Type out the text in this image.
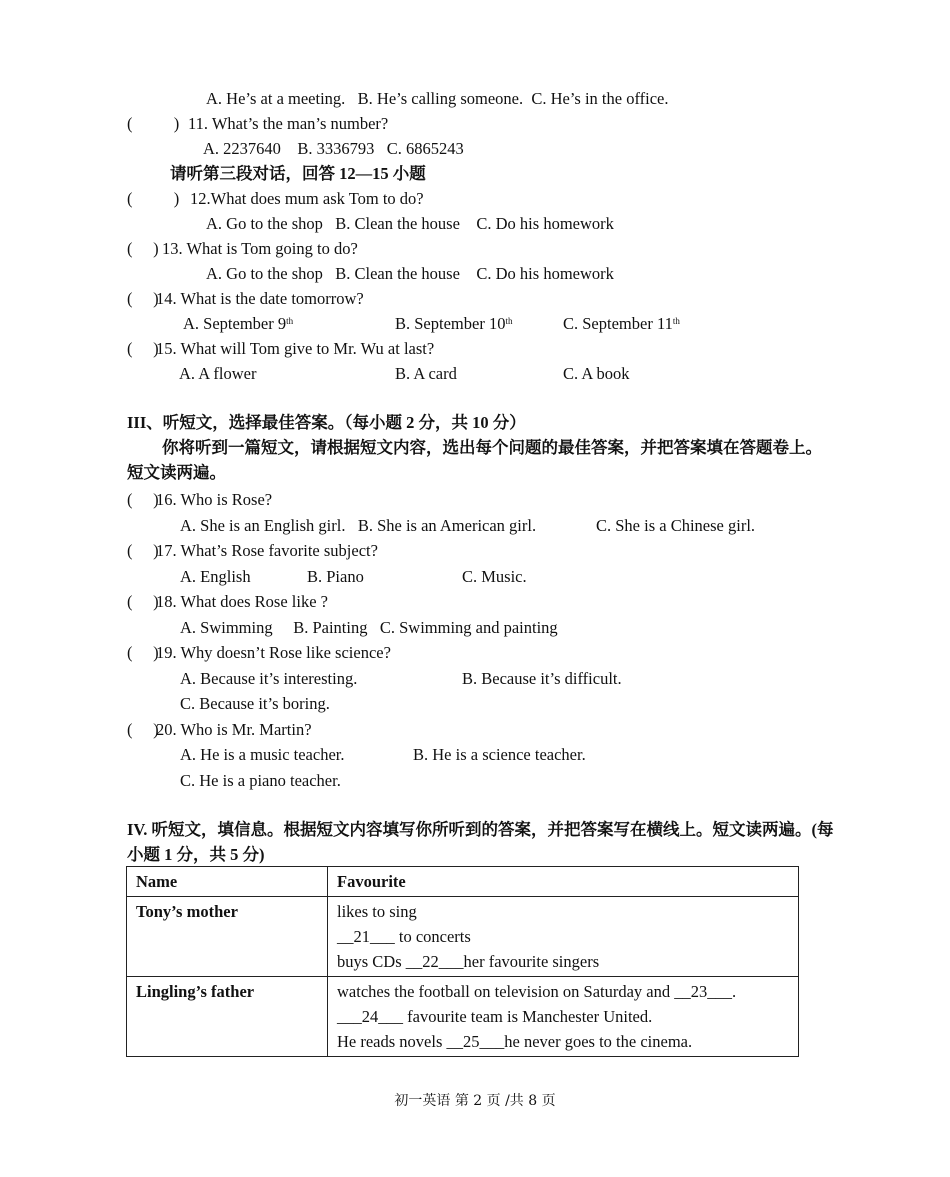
A. He’s at a meeting.   B. He’s calling someone.  C. He’s in the office.
(          ) 11. What’s the man’s number?
A. 2237640    B. 3336793   C. 6865243
请听第三段对话，回答 12—15 小题
(          ) 12.What does mum ask Tom to do?
A. Go to the shop   B. Clean the house    C. Do his homework
(     ) 13. What is Tom going to do?
A. Go to the shop   B. Clean the house    C. Do his homework
(     )
14. What is the date tomorrow?
A. September 9th	B. September 10th	C. September 11th
(     )
15. What will Tom give to Mr. Wu at last?
A. A flower	B. A card	C. A book
III、听短文，选择最佳答案。（每小题 2 分，共 10 分）
你将听到一篇短文，请根据短文内容，选出每个问题的最佳答案，并把答案填在答题卷上。
短文读两遍。
(     )
16. Who is Rose?
A. She is an English girl.   B. She is an American girl.	C. She is a Chinese girl.
(     )
17. What’s Rose favorite subject?
A. English	B. Piano	C. Music.
(     )
18. What does Rose like ?
A. Swimming     B. Painting   C. Swimming and painting
(     )
19. Why doesn’t Rose like science?
A. Because it’s interesting.	B. Because it’s difficult.
C. Because it’s boring.
(     )
20. Who is Mr. Martin?
A. He is a music teacher.	B. He is a science teacher.
C. He is a piano teacher.
IV. 听短文，填信息。根据短文内容填写你所听到的答案，并把答案写在横线上。短文读两遍。(每
小题 1 分，共 5 分)
Name	Favourite
Tony’s mother	likes to sing
__21___ to concerts
buys CDs __22___her favourite singers

Lingling’s father	watches the football on television on Saturday and __23___.
___24___ favourite team is Manchester United.
He reads novels __25___he never goes to the cinema.
初一英语 第 2 页 /共 8 页
